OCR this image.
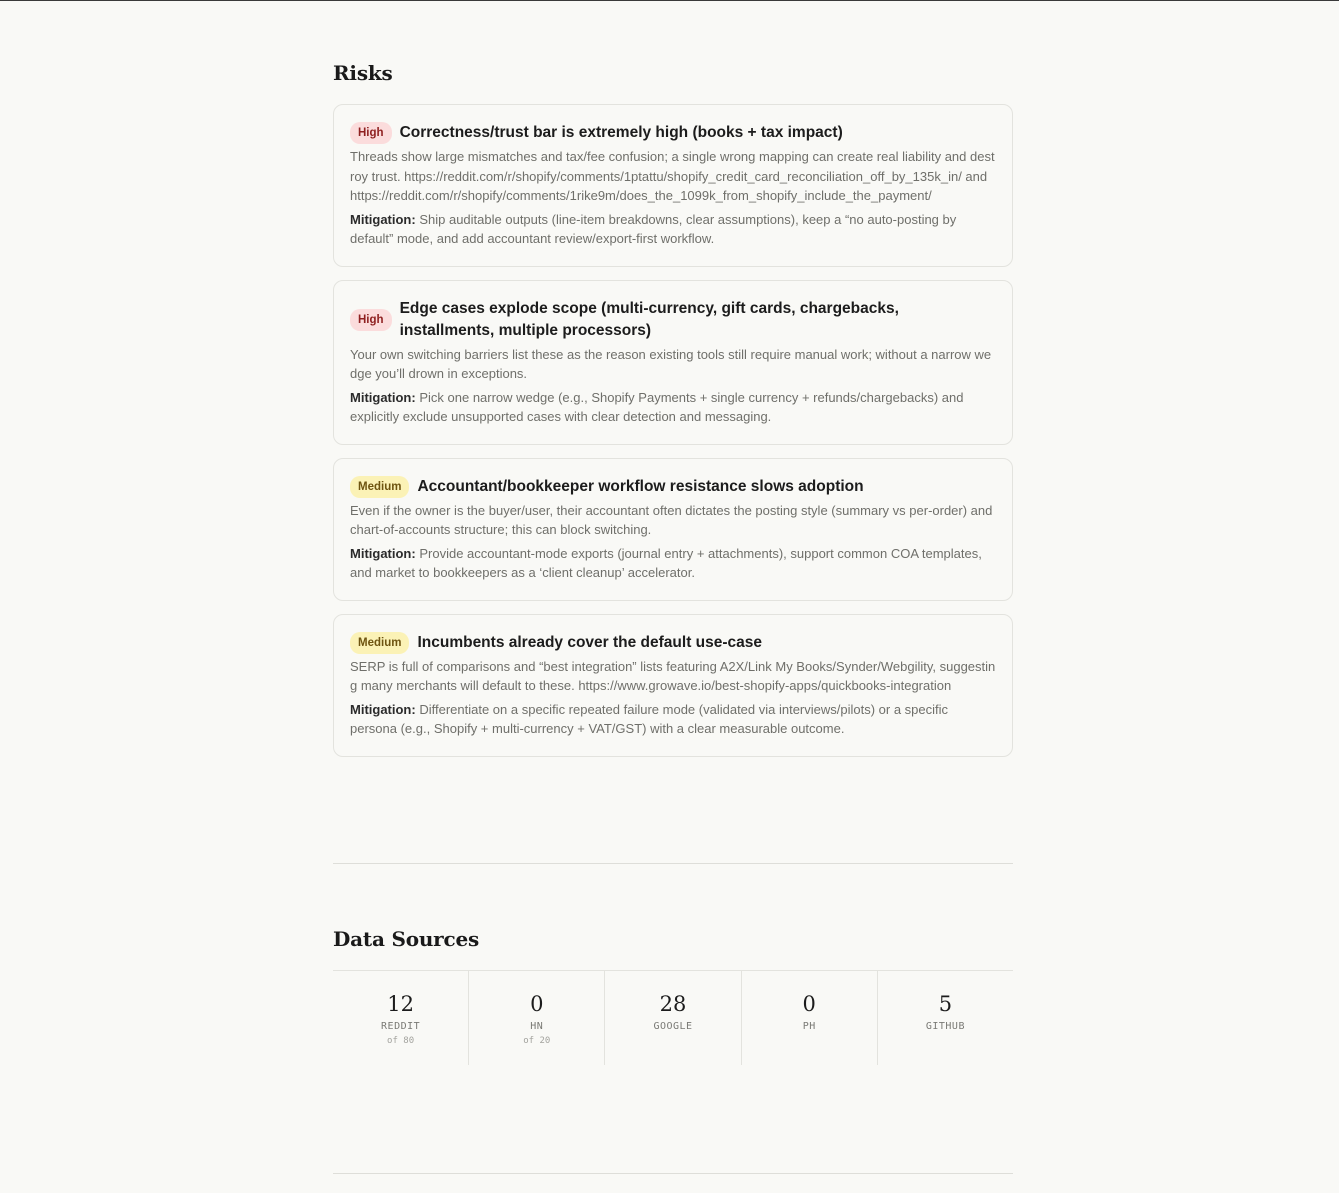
Risks
High	Correctness/trust bar is extremely high (books + tax impact)

Threads show large mismatches and tax/fee confusion; a single wrong mapping can create real liability and destroy trust. https://reddit.com/r/shopify/comments/1ptattu/shopify_credit_card_reconciliation_off_by_135k_in/ and https://reddit.com/r/shopify/comments/1rike9m/does_the_1099k_from_shopify_include_the_payment/

Mitigation: Ship auditable outputs (line-item breakdowns, clear assumptions), keep a “no auto-posting by default” mode, and add accountant review/export-first workflow.

High
Edge cases explode scope (multi-currency, gift cards, chargebacks, installments, multiple processors)

Your own switching barriers list these as the reason existing tools still require manual work; without a narrow wedge you’ll drown in exceptions.

Mitigation: Pick one narrow wedge (e.g., Shopify Payments + single currency + refunds/chargebacks) and explicitly exclude unsupported cases with clear detection and messaging.

Medium	Accountant/bookkeeper workflow resistance slows adoption

Even if the owner is the buyer/user, their accountant often dictates the posting style (summary vs per-order) and chart-of-accounts structure; this can block switching.

Mitigation: Provide accountant-mode exports (journal entry + attachments), support common COA templates, and market to bookkeepers as a ‘client cleanup’ accelerator.

Medium	Incumbents already cover the default use-case

SERP is full of comparisons and “best integration” lists featuring A2X/Link My Books/Synder/Webgility, suggesting many merchants will default to these. https://www.growave.io/best-shopify-apps/quickbooks-integration

Mitigation: Differentiate on a specific repeated failure mode (validated via interviews/pilots) or a specific persona (e.g., Shopify + multi-currency + VAT/GST) with a clear measurable outcome.

Data Sources
12
REDDIT
of 80
0
HN
of 20
28
GOOGLE
0
PH
5
GITHUB
